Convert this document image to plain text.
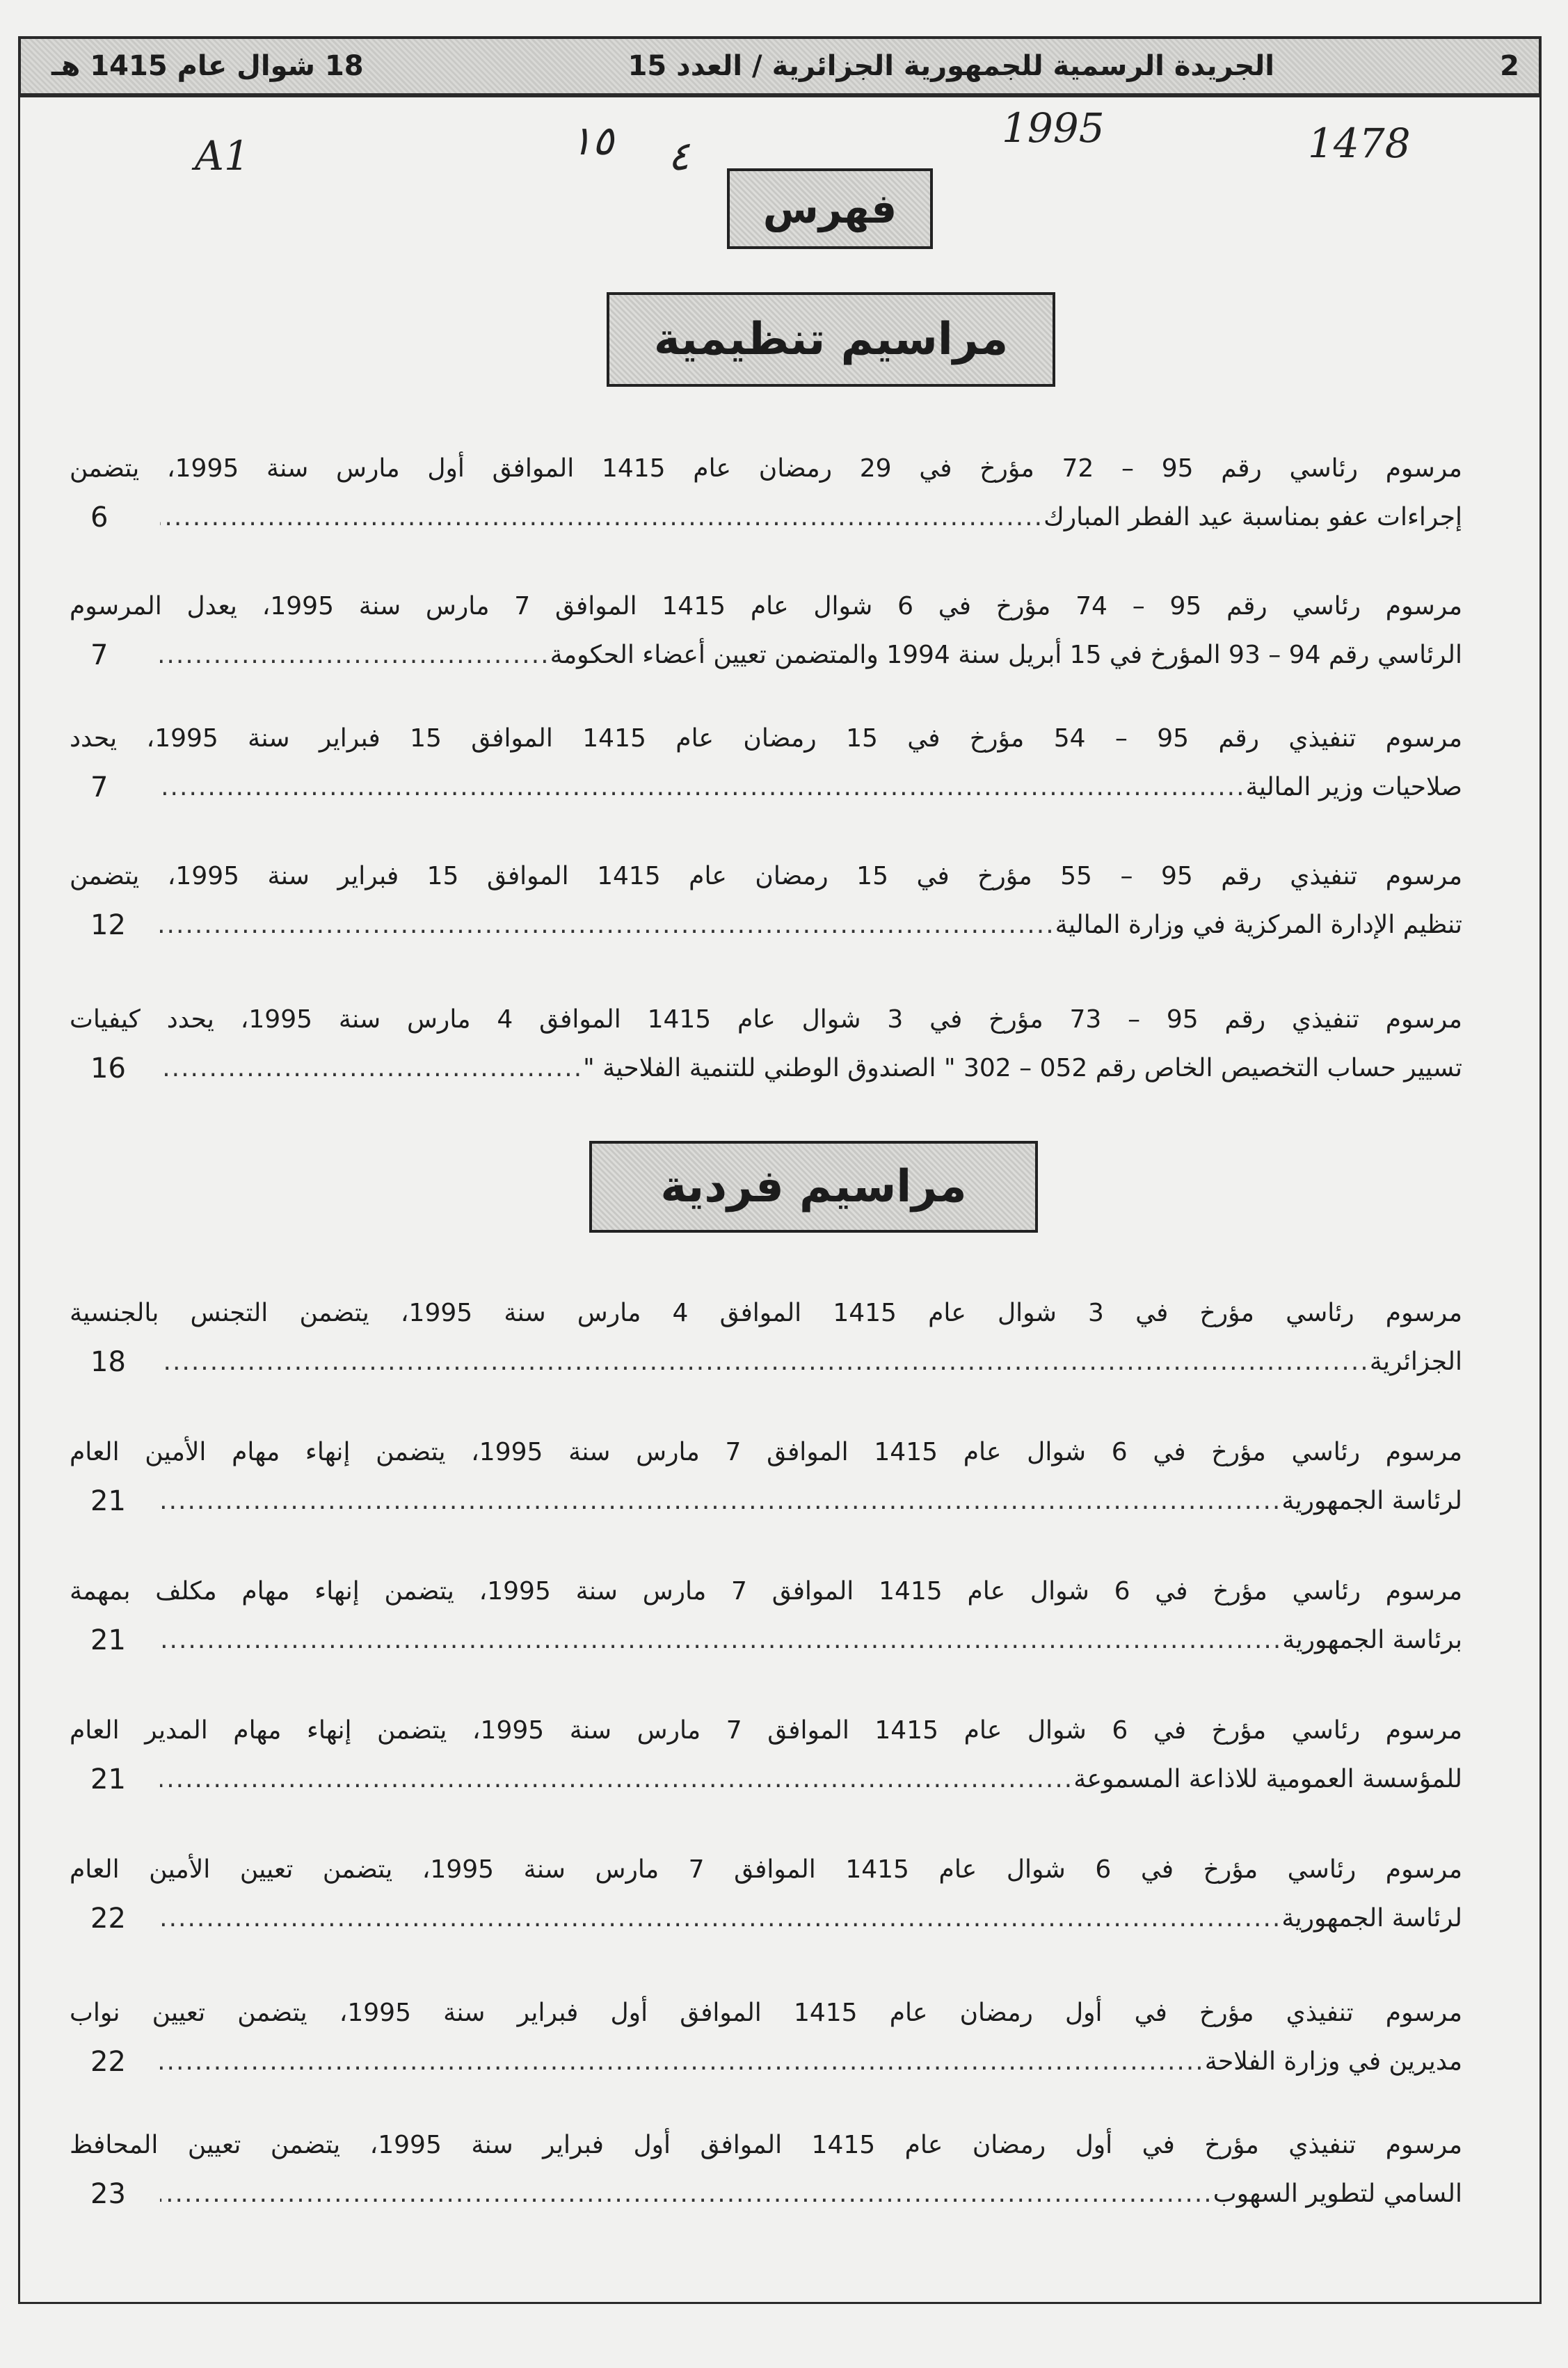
2
الجريدة الرسمية للجمهورية الجزائرية / العدد 15
18 شوال عام 1415 هـ
A1	١٥ ٤
1995	1478
فهرس
مراسيم تنظيمية
مراسيم فردية
مرسوم رئاسي رقم 95 – 72 مؤرخ في 29 رمضان عام 1415 الموافق أول مارس سنة 1995، يتضمن
إجراءات عفو بمناسبة عيد الفطر المبارك
.....
6
مرسوم رئاسي رقم 95 – 74 مؤرخ في 6 شوال عام 1415 الموافق 7 مارس سنة 1995، يعدل المرسوم
الرئاسي رقم 94 – 93 المؤرخ في 15 أبريل سنة 1994 والمتضمن تعيين أعضاء الحكومة
.....
7
مرسوم تنفيذي رقم 95 – 54 مؤرخ في 15 رمضان عام 1415 الموافق 15 فبراير سنة 1995، يحدد
صلاحيات وزير المالية
.....
7
مرسوم تنفيذي رقم 95 – 55 مؤرخ في 15 رمضان عام 1415 الموافق 15 فبراير سنة 1995، يتضمن
تنظيم الإدارة المركزية في وزارة المالية
.....
12
مرسوم تنفيذي رقم 95 – 73 مؤرخ في 3 شوال عام 1415 الموافق 4 مارس سنة 1995، يحدد كيفيات
تسيير حساب التخصيص الخاص رقم 052 – 302 " الصندوق الوطني للتنمية الفلاحية "
.....
16
مرسوم رئاسي مؤرخ في 3 شوال عام 1415 الموافق 4 مارس سنة 1995، يتضمن التجنس بالجنسية
الجزائرية
.....
18
مرسوم رئاسي مؤرخ في 6 شوال عام 1415 الموافق 7 مارس سنة 1995، يتضمن إنهاء مهام الأمين العام
لرئاسة الجمهورية
.....
21
مرسوم رئاسي مؤرخ في 6 شوال عام 1415 الموافق 7 مارس سنة 1995، يتضمن إنهاء مهام مكلف بمهمة
برئاسة الجمهورية
.....
21
مرسوم رئاسي مؤرخ في 6 شوال عام 1415 الموافق 7 مارس سنة 1995، يتضمن إنهاء مهام المدير العام
للمؤسسة العمومية للاذاعة المسموعة
.....
21
مرسوم رئاسي مؤرخ في 6 شوال عام 1415 الموافق 7 مارس سنة 1995، يتضمن تعيين الأمين العام
لرئاسة الجمهورية
.....
22
مرسوم تنفيذي مؤرخ في أول رمضان عام 1415 الموافق أول فبراير سنة 1995، يتضمن تعيين نواب
مديرين في وزارة الفلاحة
.....
22
مرسوم تنفيذي مؤرخ في أول رمضان عام 1415 الموافق أول فبراير سنة 1995، يتضمن تعيين المحافظ
السامي لتطوير السهوب
.....
23
